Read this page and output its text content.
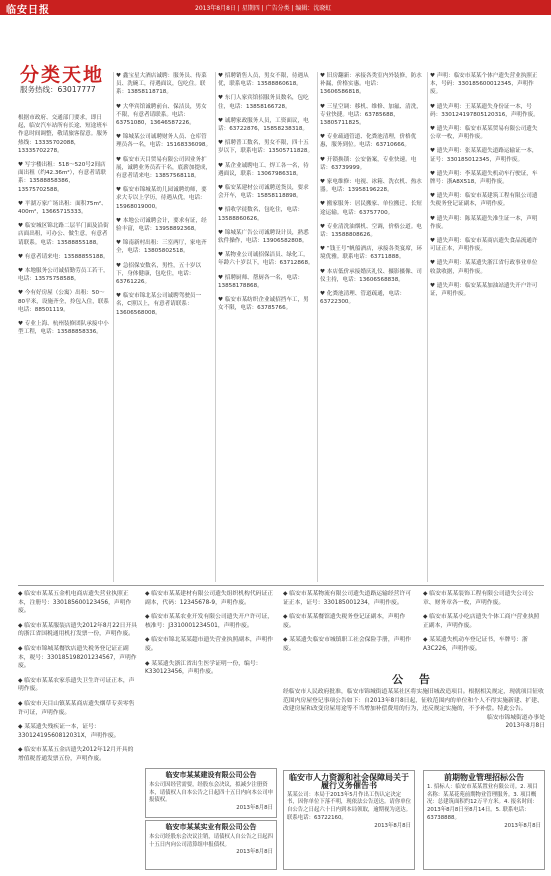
临安日报	2013年8月8日 | 星期四 | 广告分类 | 编辑：沈晓虹
分类天地
服务热线：63017777
根据市政府、交通部门要求，即日起，临安汽车站所有长途、短途班车作息时间调整，敬请旅客留意。服务热线：13335702088，13335702278。
♥ 写字楼出租：518～520号2间店面出租（约42.36m²），有意者请联系：13588858386，13575702588。
♥ 平湖万家广场出租：面积75m²、400m²，13665715333。
♥ 临安城区锦北路二层半门面及沿街店面出租，可办公、做生意，有意者请联系。电话：13588855188。
♥ 有意者请来电：13588855188。
♥ 本地服务公司诚招勤劳员工若干，电话：13575758588。
♥ 今有好房屋（公寓）出租：50～80平米，设施齐全，拎包入住，联系电话：88501119。
♥ 专业上海、杭州装修团队承接中小型工程，电话：13588858336。
♥ 鑫宝星大酒店诚聘：服务员、传菜员、洗碗工，待遇面议，包吃住。联系：13858118718。
♥ 大华宾馆诚聘前台、保洁员，男女不限，有意者请联系。电话：63751080，13646587226。
♥ 锦城某公司诚聘财务人员、仓库管理员各一名，电话：15168336098。
♥ 临安市天目贸易有限公司因业务扩展，诚聘业务员若干名，底薪加提成，有意者请来电：13857568118。
♥ 临安市锦城某幼儿园诚聘幼师，要求大专以上学历，待遇从优，电话：15968019000。
♥ 本地公司诚聘会计，要求有证，经验丰富，电话：13958892368。
♥ 锦南新村出租：三室两厅，家电齐全，电话：13805802518。
♥ 急招保安数名，男性，五十岁以下，身体健康，包吃住，电话：63761226。
♥ 临安市锦北某公司诚聘驾驶员一名，C照以上，有意者请联系：13606568008。
♥ 招聘销售人员，男女不限，待遇从优，联系电话：13588860618。
♥ 东门人家宾馆招服务员数名，包吃住，电话：13858166728。
♥ 诚聘家政服务人员，工资面议，电话：63722876，15858238318。
♥ 招聘普工数名，男女不限，四十五岁以下，联系电话：13505711828。
♥ 某企业诚聘电工、焊工各一名，待遇面议，联系：13067986318。
♥ 临安某建材公司诚聘送货员，要求会开车，电话：15858118898。
♥ 招收学徒数名，包吃住，电话：13588860626。
♥ 锦城某广告公司诚聘设计员，熟悉软件操作，电话：13906582808。
♥ 某物业公司诚招保洁员、绿化工，年龄六十岁以下，电话：63712868。
♥ 招聘厨师、帮厨各一名，电话：13858178868。
♥ 临安市某纺织企业诚招挡车工，男女不限，电话：63785766。
♥ 旧房翻新：承接各类室内外装修，防水补漏，价格实惠。电话：13606586818。
♥ 三星空调：移机、维修、加氟、清洗，专业快捷。电话：63785688，13805711825。
♥ 专业疏通管道、化粪池清理，价格优惠，服务到位。电话：63710666。
♥ 开锁换锁：公安备案，专业快速。电话：63739999。
♥ 家电维修：电视、冰箱、洗衣机、热水器。电话：13958196228。
♥ 搬家服务：居民搬家、单位搬迁、长短途运输。电话：63757700。
♥ 专业清洗油烟机、空调，价格公道。电话：13588808626。
♥ “钱王号”帆船酒店，承接各类宴席，环境优雅。联系电话：63711888。
♥ 本店低价承接婚庆礼仪、摄影摄像、司仪主持，电话：13606568838。
♥ 化粪池清理、管道疏通，电话：63722300。
♥ 声明：临安市某某个体户遗失营业执照正本，号码：330185600012345，声明作废。
♥ 遗失声明：王某某遗失身份证一本，号码：330124197805120316，声明作废。
♥ 遗失声明：临安市某某贸易有限公司遗失公章一枚，声明作废。
♥ 遗失声明：张某某遗失道路运输证一本，证号：330185012345，声明作废。
♥ 遗失声明：李某某遗失机动车行驶证，车牌号：浙A8X518，声明作废。
♥ 遗失声明：临安市某建筑工程有限公司遗失税务登记证副本，声明作废。
♥ 遗失声明：陈某某遗失准生证一本，声明作废。
♥ 遗失声明：临安市某商店遗失食品流通许可证正本，声明作废。
♥ 遗失声明：某某遗失浙江省行政事业单位收款收据，声明作废。
♥ 遗失声明：临安某某加油站遗失开户许可证，声明作废。
◆ 临安市某某五金机电商店遗失营业执照正本，注册号：330185600123456，声明作废。
◆ 临安市某某服装店遗失2012年8月22日开具的浙江省国税通用机打发票一份，声明作废。
◆ 临安市锦城某餐饮店遗失税务登记证正副本，税号：330185198201234567，声明作废。
◆ 临安市某某农家乐遗失卫生许可证正本，声明作废。
◆ 临安市天目山镇某某商店遗失烟草专卖零售许可证，声明作废。
◆ 某某遗失残疾证一本，证号：33012419560812031X，声明作废。
◆ 临安市某某五金店遗失2012年12月开具的增值税普通发票五份，声明作废。
◆ 临安市某某建材有限公司遗失组织机构代码证正副本，代码：12345678-9，声明作废。
◆ 临安市某某农业开发有限公司遗失开户许可证，核准号：J3310001234501，声明作废。
◆ 临安市锦北某某超市遗失营业执照副本，声明作废。
◆ 某某遗失浙江省出生医学证明一份，编号：K330123456，声明作废。
◆ 临安市某某物流有限公司遗失道路运输经营许可证正本，证号：330185001234，声明作废。
◆ 临安市某某餐馆遗失税务登记证副本，声明作废。
◆ 某某遗失临安市城镇职工社会保险手册，声明作废。
◆ 临安市某某装饰工程有限公司遗失公司公章、财务章各一枚，声明作废。
◆ 临安市某某小吃店遗失个体工商户营业执照正副本，声明作废。
◆ 某某遗失机动车登记证书，车牌号：浙A3C226，声明作废。
公 告
经临安市人民政府批准，临安市锦城街道某某社区将实施旧城改造项目。根据相关规定，现就项目征收范围内房屋登记事项公告如下：自2013年8月8日起，征收范围内的单位和个人不得实施新建、扩建、改建房屋和改变房屋用途等不当增加补偿费用的行为，违反规定实施的，不予补偿。特此公告。
临安市锦城街道办事处
2013年8月8日
临安市某某建设有限公司公告
本公司因经营需要，经股东会决议，拟减少注册资本，请债权人自本公告之日起四十五日内向本公司申报债权。
2013年8月8日
临安市某某实业有限公司公告
本公司经股东会决议注销，请债权人自公告之日起四十五日内向公司清算组申报债权。
2013年8月8日
临安市人力资源和社会保障局关于履行义务催告书
某某公司：本局于2013年5月作出工伤认定决定书，因你单位下落不明，现依法公告送达。请你单位自公告之日起六十日内到本局领取，逾期视为送达。联系电话：63722160。
2013年8月8日
前期物业管理招标公告
1. 招标人：临安市某某置业有限公司。2. 项目名称：某某花苑前期物业管理服务。3. 项目概况：总建筑面积约12万平方米。4. 报名时间：2013年8月8日至8月14日。5. 联系电话：63738888。
2013年8月8日
